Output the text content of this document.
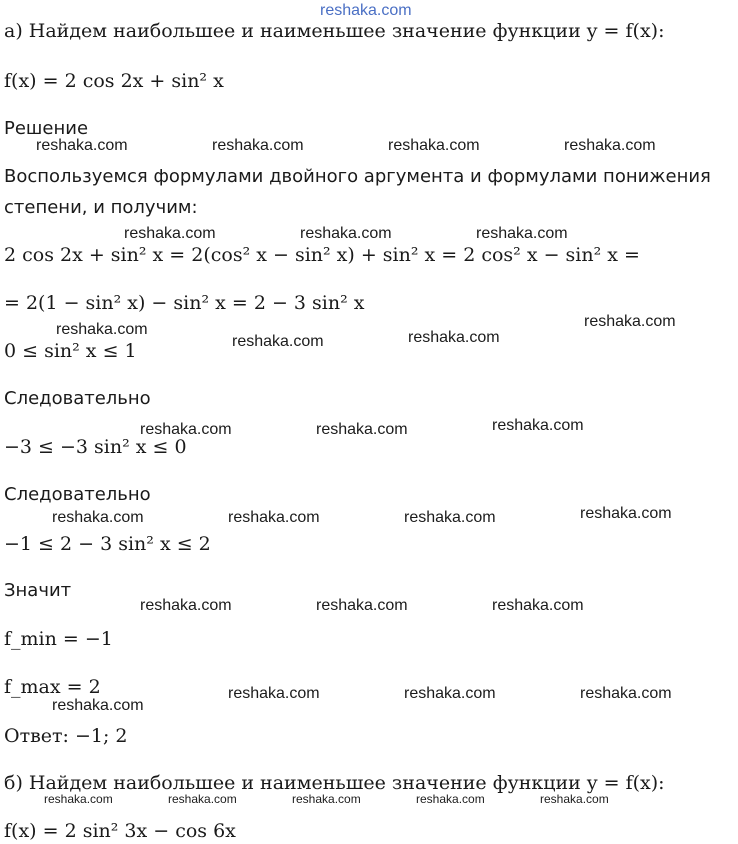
reshaka.com
а) Найдем наибольшее и наименьшее значение функции y = f(x):
f(x) = 2 cos 2x + sin² x
Решение
Воспользуемся формулами двойного аргумента и формулами понижения
степени, и получим:
2 cos 2x + sin² x = 2(cos² x − sin² x) + sin² x = 2 cos² x − sin² x =
= 2(1 − sin² x) − sin² x = 2 − 3 sin² x
0 ≤ sin² x ≤ 1
Следовательно
−3 ≤ −3 sin² x ≤ 0
Следовательно
−1 ≤ 2 − 3 sin² x ≤ 2
Значит
f_min = −1
f_max = 2
Ответ: −1; 2
б) Найдем наибольшее и наименьшее значение функции y = f(x):
f(x) = 2 sin² 3x − cos 6x
reshaka.com	reshaka.com	reshaka.com	reshaka.com
reshaka.com	reshaka.com	reshaka.com
reshaka.com
reshaka.com	reshaka.com
reshaka.com
reshaka.com	reshaka.com	reshaka.com
reshaka.com	reshaka.com	reshaka.com	reshaka.com
reshaka.com	reshaka.com	reshaka.com
reshaka.com	reshaka.com	reshaka.com
reshaka.com
reshaka.com	reshaka.com	reshaka.com	reshaka.com	reshaka.com
